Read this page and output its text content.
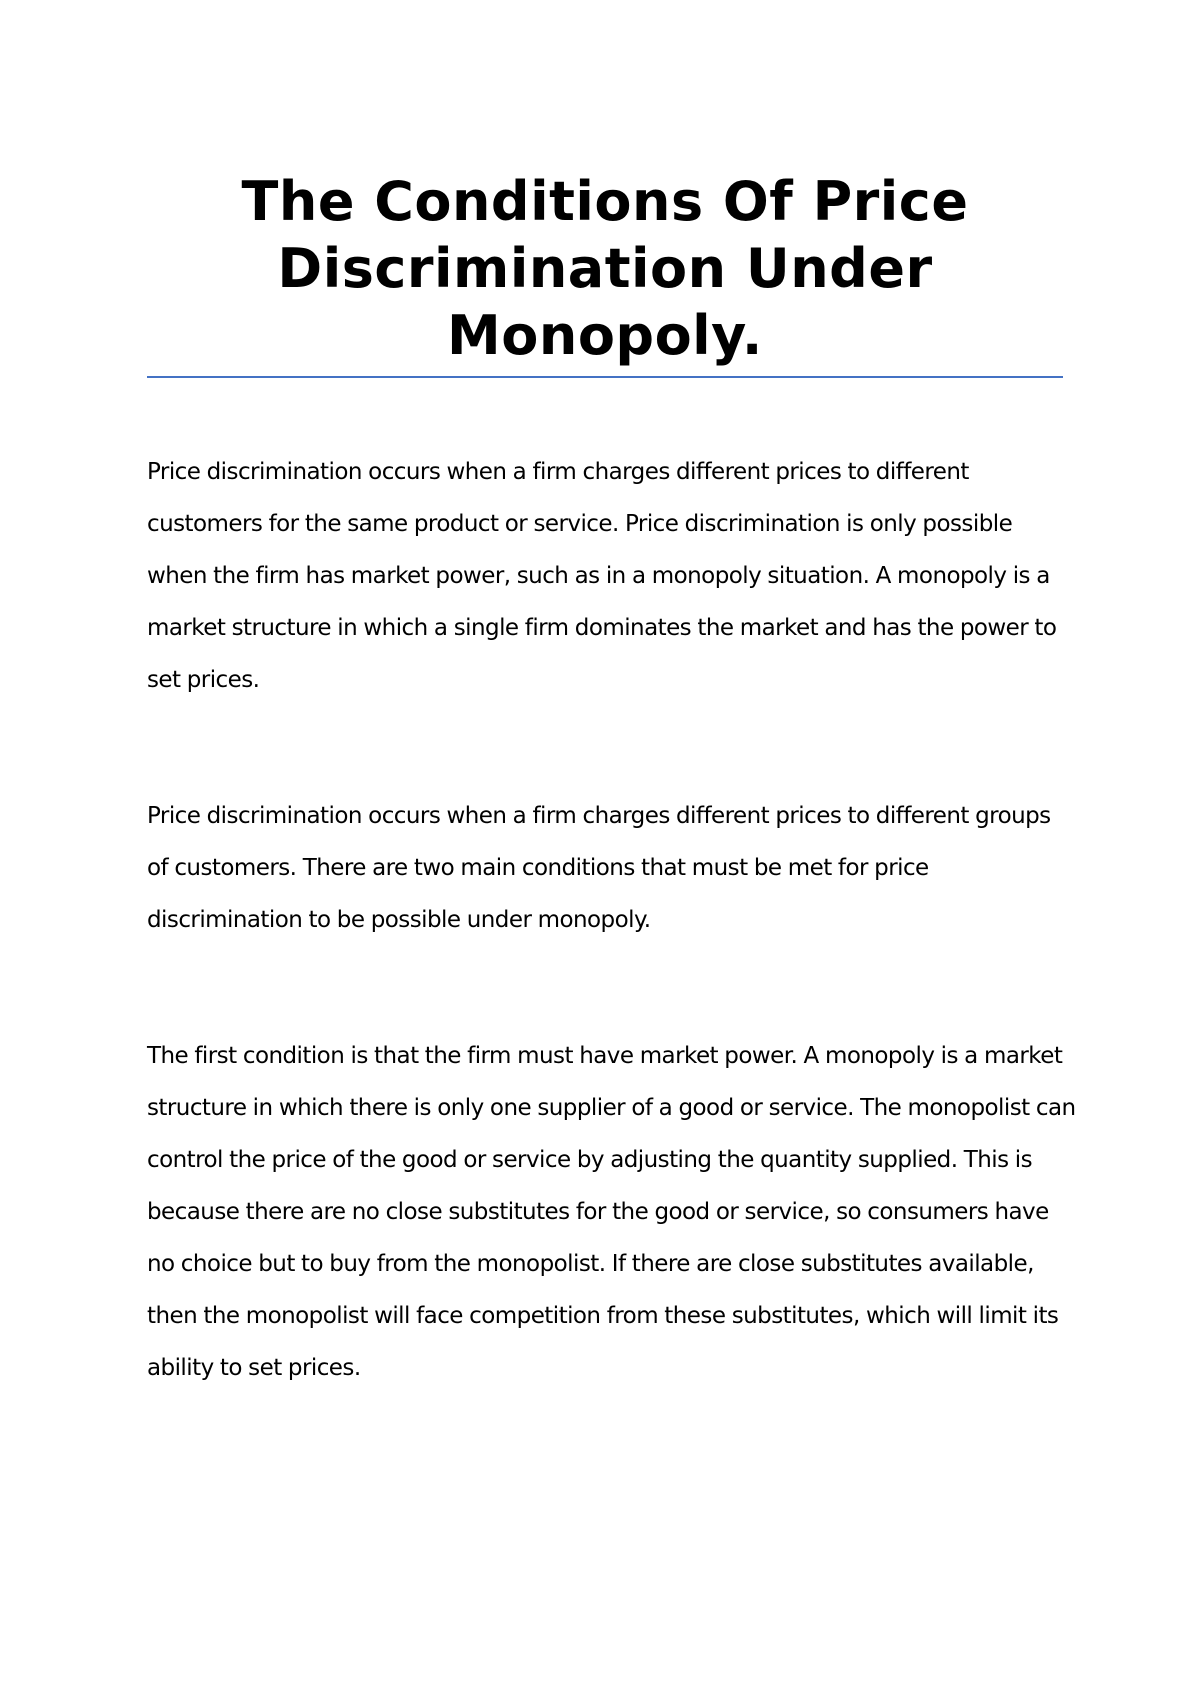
The Conditions Of Price Discrimination Under Monopoly.

Price discrimination occurs when a firm charges different prices to different customers for the same product or service. Price discrimination is only possible when the firm has market power, such as in a monopoly situation. A monopoly is a market structure in which a single firm dominates the market and has the power to set prices.

Price discrimination occurs when a firm charges different prices to different groups of customers. There are two main conditions that must be met for price discrimination to be possible under monopoly.

The first condition is that the firm must have market power. A monopoly is a market structure in which there is only one supplier of a good or service. The monopolist can control the price of the good or service by adjusting the quantity supplied. This is because there are no close substitutes for the good or service, so consumers have no choice but to buy from the monopolist. If there are close substitutes available, then the monopolist will face competition from these substitutes, which will limit its ability to set prices.
